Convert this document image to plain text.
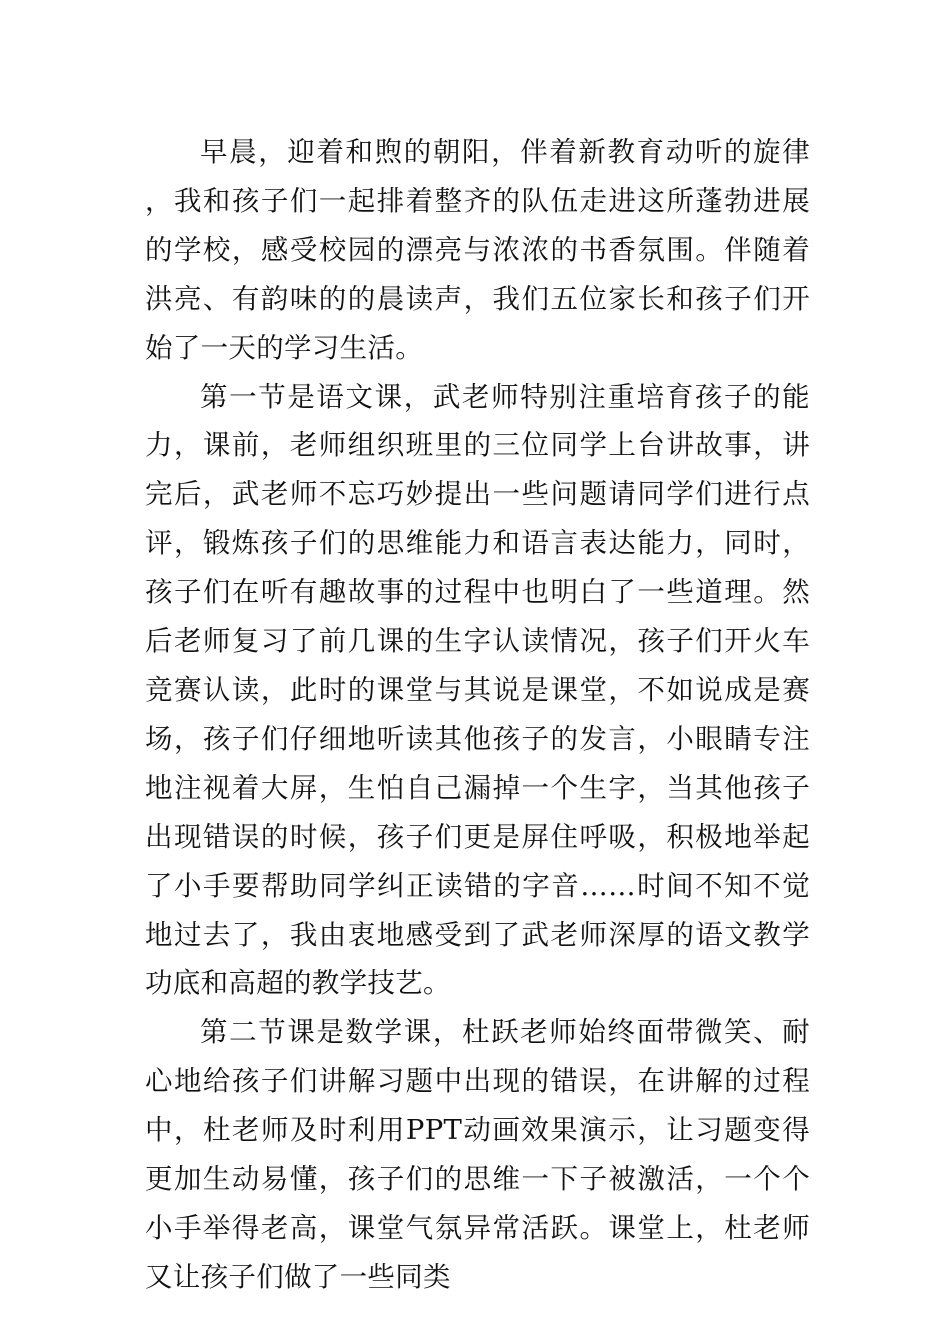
早晨，迎着和煦的朝阳，伴着新教育动听的旋律，我和孩子们一起排着整齐的队伍走进这所蓬勃进展的学校，感受校园的漂亮与浓浓的书香氛围。伴随着洪亮、有韵味的的晨读声，我们五位家长和孩子们开始了一天的学习生活。

第一节是语文课，武老师特别注重培育孩子的能力，课前，老师组织班里的三位同学上台讲故事，讲完后，武老师不忘巧妙提出一些问题请同学们进行点评，锻炼孩子们的思维能力和语言表达能力，同时，孩子们在听有趣故事的过程中也明白了一些道理。然后老师复习了前几课的生字认读情况，孩子们开火车竞赛认读，此时的课堂与其说是课堂，不如说成是赛场，孩子们仔细地听读其他孩子的发言，小眼睛专注地注视着大屏，生怕自己漏掉一个生字，当其他孩子出现错误的时候，孩子们更是屏住呼吸，积极地举起了小手要帮助同学纠正读错的字音……时间不知不觉地过去了，我由衷地感受到了武老师深厚的语文教学功底和高超的教学技艺。

第二节课是数学课，杜跃老师始终面带微笑、耐心地给孩子们讲解习题中出现的错误，在讲解的过程中，杜老师及时利用PPT动画效果演示，让习题变得更加生动易懂，孩子们的思维一下子被激活，一个个小手举得老高，课堂气氛异常活跃。课堂上，杜老师又让孩子们做了一些同类
